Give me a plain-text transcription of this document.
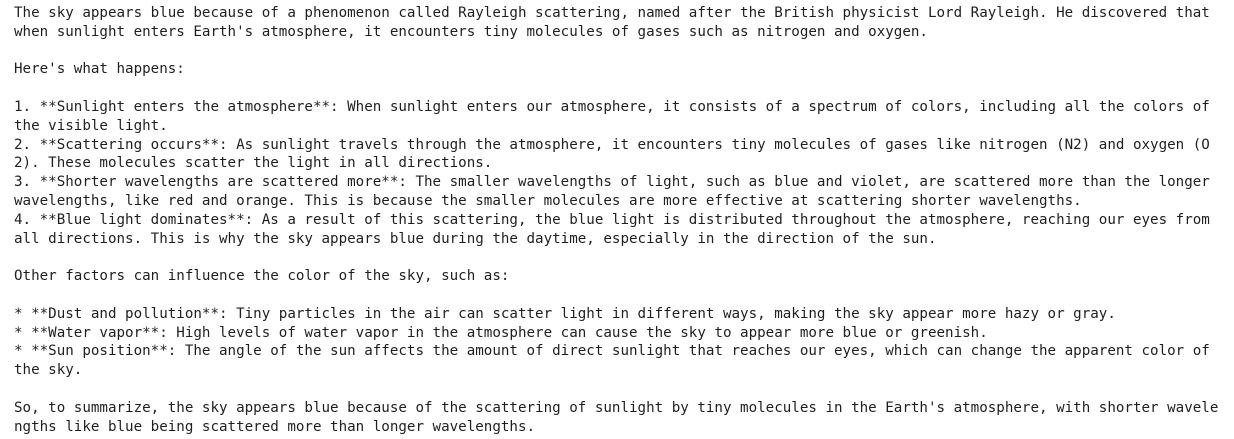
The sky appears blue because of a phenomenon called Rayleigh scattering, named after the British physicist Lord Rayleigh. He discovered that when sunlight enters Earth's atmosphere, it encounters tiny molecules of gases such as nitrogen and oxygen.

Here's what happens:

1. **Sunlight enters the atmosphere**: When sunlight enters our atmosphere, it consists of a spectrum of colors, including all the colors of the visible light.
2. **Scattering occurs**: As sunlight travels through the atmosphere, it encounters tiny molecules of gases like nitrogen (N2) and oxygen (O2). These molecules scatter the light in all directions.
3. **Shorter wavelengths are scattered more**: The smaller wavelengths of light, such as blue and violet, are scattered more than the longer wavelengths, like red and orange. This is because the smaller molecules are more effective at scattering shorter wavelengths.
4. **Blue light dominates**: As a result of this scattering, the blue light is distributed throughout the atmosphere, reaching our eyes from all directions. This is why the sky appears blue during the daytime, especially in the direction of the sun.

Other factors can influence the color of the sky, such as:

* **Dust and pollution**: Tiny particles in the air can scatter light in different ways, making the sky appear more hazy or gray.
* **Water vapor**: High levels of water vapor in the atmosphere can cause the sky to appear more blue or greenish.
* **Sun position**: The angle of the sun affects the amount of direct sunlight that reaches our eyes, which can change the apparent color of the sky.

So, to summarize, the sky appears blue because of the scattering of sunlight by tiny molecules in the Earth's atmosphere, with shorter wavelengths like blue being scattered more than longer wavelengths.
